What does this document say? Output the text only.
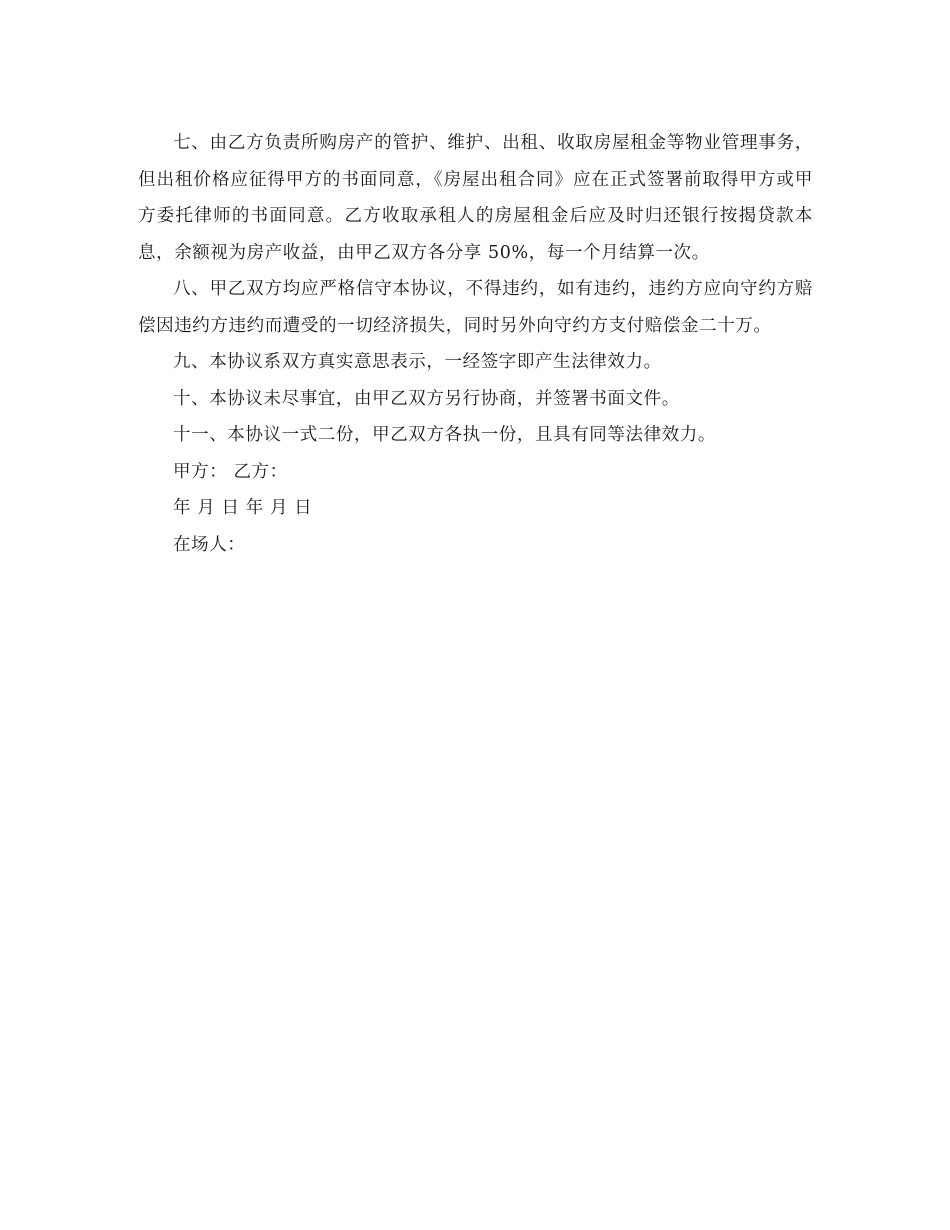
七、由乙方负责所购房产的管护、维护、出租、收取房屋租金等物业管理事务，但出租价格应征得甲方的书面同意，《房屋出租合同》应在正式签署前取得甲方或甲方委托律师的书面同意。乙方收取承租人的房屋租金后应及时归还银行按揭贷款本息，余额视为房产收益，由甲乙双方各分享 50%，每一个月结算一次。

八、甲乙双方均应严格信守本协议，不得违约，如有违约，违约方应向守约方赔偿因违约方违约而遭受的一切经济损失，同时另外向守约方支付赔偿金二十万。

九、本协议系双方真实意思表示，一经签字即产生法律效力。

十、本协议未尽事宜，由甲乙双方另行协商，并签署书面文件。

十一、本协议一式二份，甲乙双方各执一份，且具有同等法律效力。

甲方： 乙方：

年 月 日 年 月 日

在场人：
